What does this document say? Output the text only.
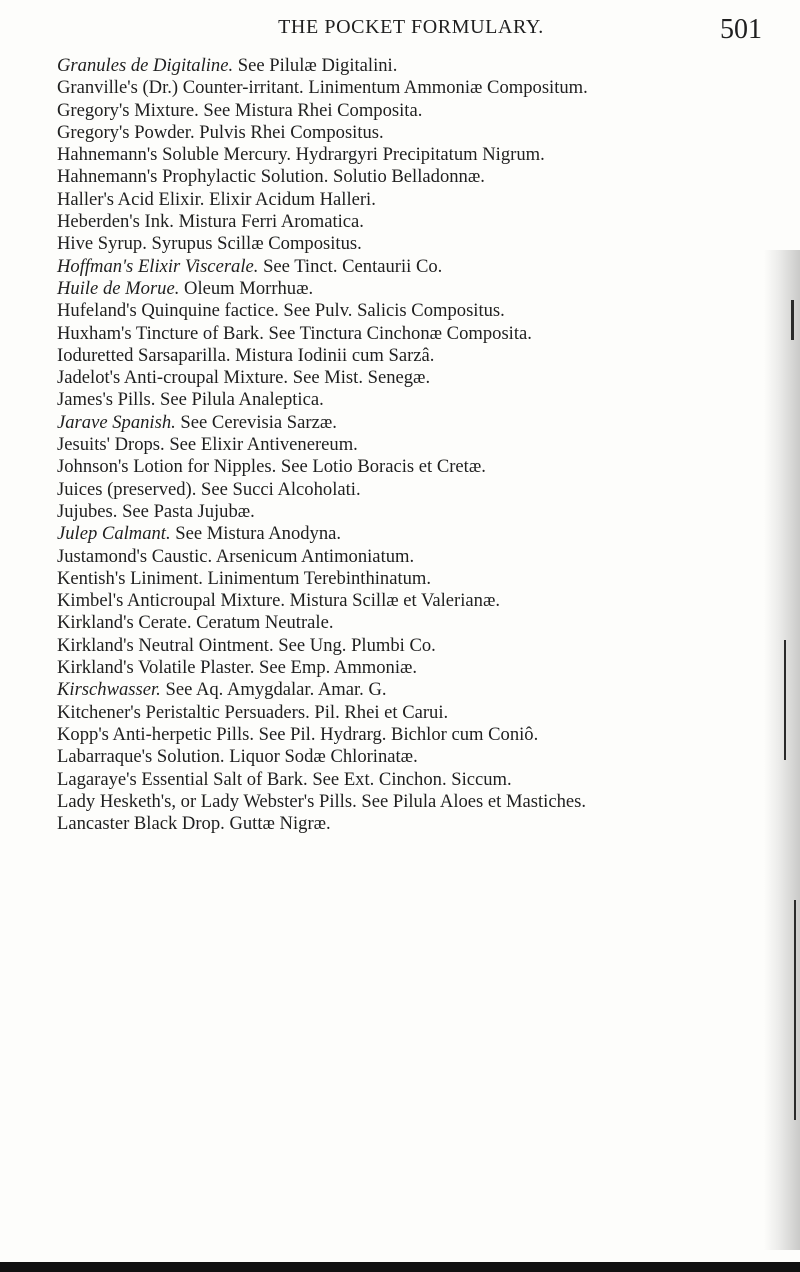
THE POCKET FORMULARY.	501
Granules de Digitaline. See Pilulæ Digitalini.
Granville's (Dr.) Counter-irritant. Linimentum Ammoniæ Compositum.
Gregory's Mixture. See Mistura Rhei Composita.
Gregory's Powder. Pulvis Rhei Compositus.
Hahnemann's Soluble Mercury. Hydrargyri Precipitatum Nigrum.
Hahnemann's Prophylactic Solution. Solutio Belladonnæ.
Haller's Acid Elixir. Elixir Acidum Halleri.
Heberden's Ink. Mistura Ferri Aromatica.
Hive Syrup. Syrupus Scillæ Compositus.
Hoffman's Elixir Viscerale. See Tinct. Centaurii Co.
Huile de Morue. Oleum Morrhuæ.
Hufeland's Quinquine factice. See Pulv. Salicis Compositus.
Huxham's Tincture of Bark. See Tinctura Cinchonæ Composita.
Ioduretted Sarsaparilla. Mistura Iodinii cum Sarzâ.
Jadelot's Anti-croupal Mixture. See Mist. Senegæ.
James's Pills. See Pilula Analeptica.
Jarave Spanish. See Cerevisia Sarzæ.
Jesuits' Drops. See Elixir Antivenereum.
Johnson's Lotion for Nipples. See Lotio Boracis et Cretæ.
Juices (preserved). See Succi Alcoholati.
Jujubes. See Pasta Jujubæ.
Julep Calmant. See Mistura Anodyna.
Justamond's Caustic. Arsenicum Antimoniatum.
Kentish's Liniment. Linimentum Terebinthinatum.
Kimbel's Anticroupal Mixture. Mistura Scillæ et Valerianæ.
Kirkland's Cerate. Ceratum Neutrale.
Kirkland's Neutral Ointment. See Ung. Plumbi Co.
Kirkland's Volatile Plaster. See Emp. Ammoniæ.
Kirschwasser. See Aq. Amygdalar. Amar. G.
Kitchener's Peristaltic Persuaders. Pil. Rhei et Carui.
Kopp's Anti-herpetic Pills. See Pil. Hydrarg. Bichlor cum Coniô.
Labarraque's Solution. Liquor Sodæ Chlorinatæ.
Lagaraye's Essential Salt of Bark. See Ext. Cinchon. Siccum.
Lady Hesketh's, or Lady Webster's Pills. See Pilula Aloes et Mastiches.
Lancaster Black Drop. Guttæ Nigræ.
